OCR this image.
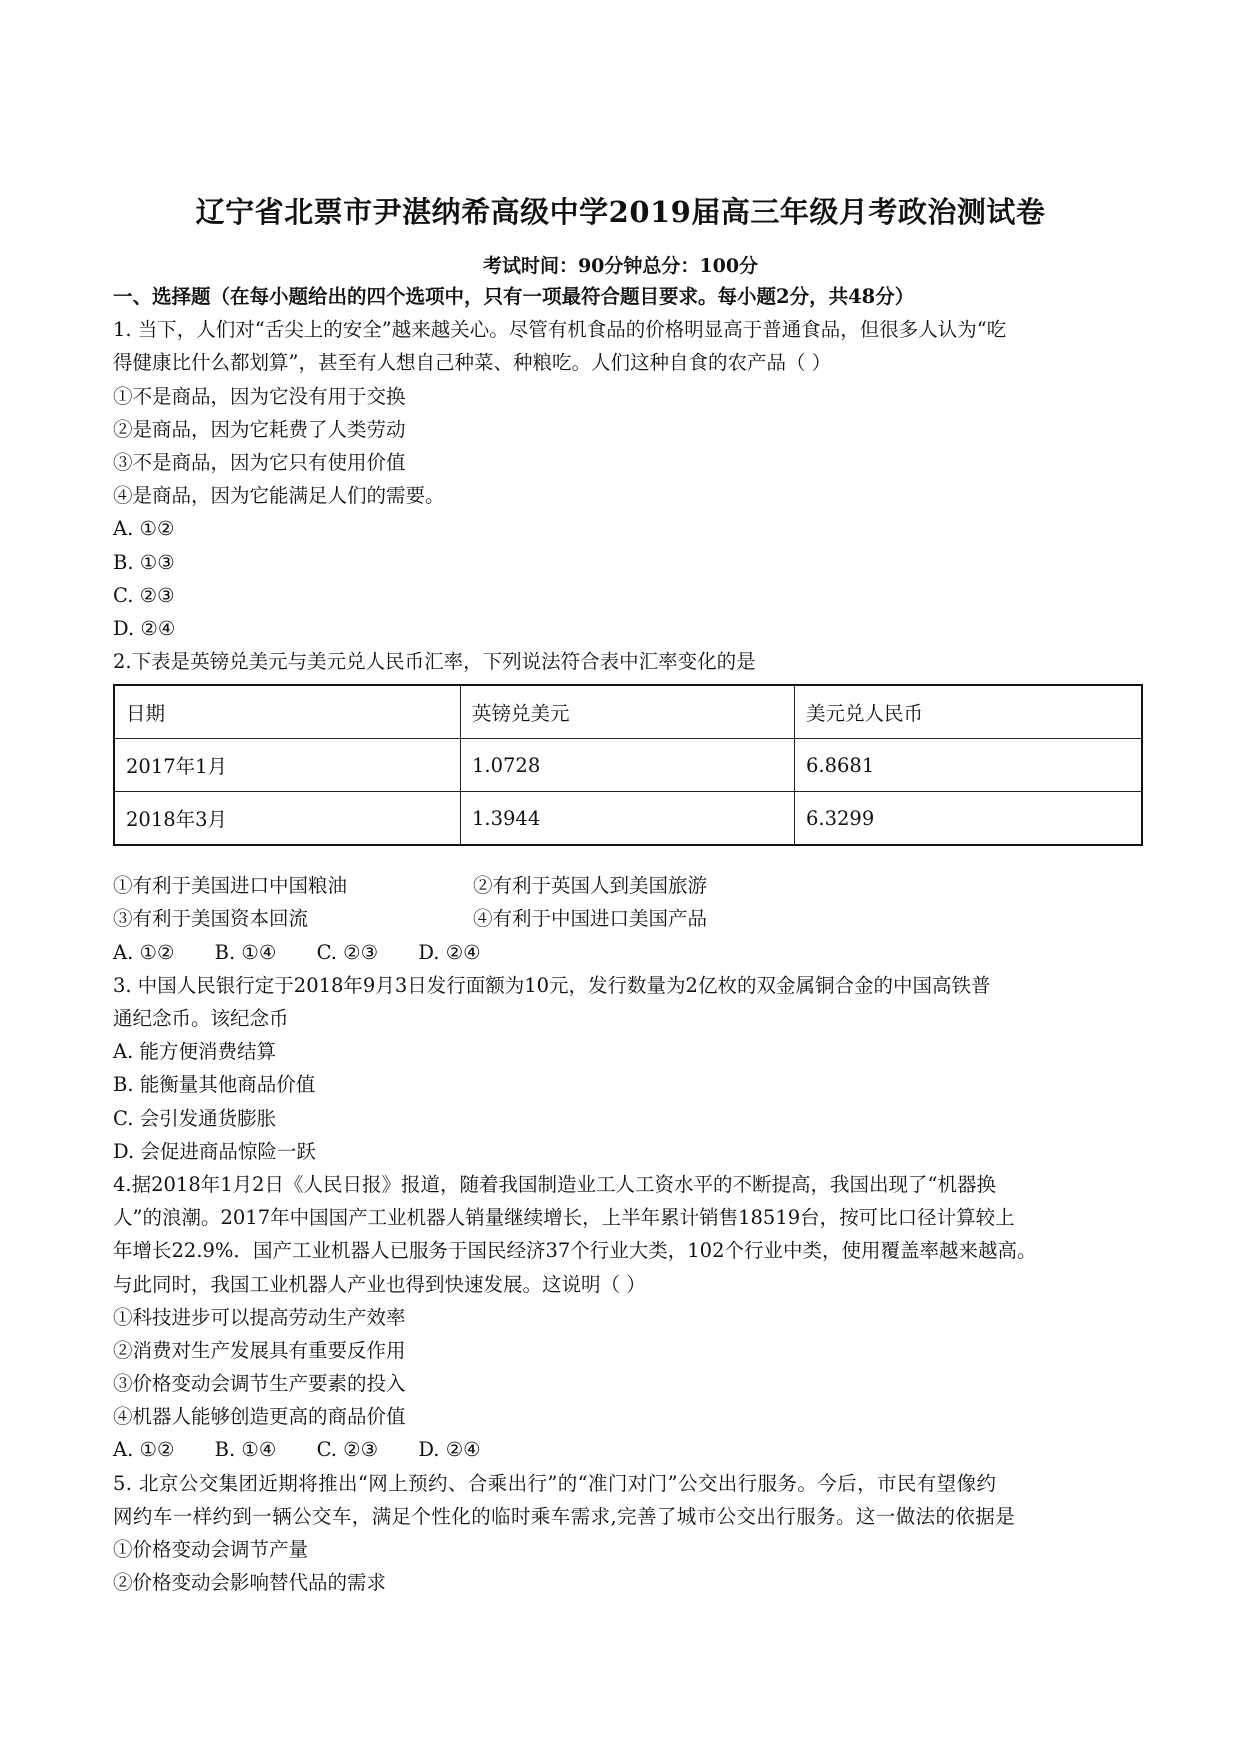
辽宁省北票市尹湛纳希高级中学2019届高三年级月考政治测试卷
考试时间：90分钟总分：100分
一、选择题（在每小题给出的四个选项中，只有一项最符合题目要求。每小题2分，共48分）
1. 当下，人们对“舌尖上的安全”越来越关心。尽管有机食品的价格明显高于普通食品，但很多人认为“吃
得健康比什么都划算”，甚至有人想自己种菜、种粮吃。人们这种自食的农产品（ ）
①不是商品，因为它没有用于交换
②是商品，因为它耗费了人类劳动
③不是商品，因为它只有使用价值
④是商品，因为它能满足人们的需要。
A. ①②
B. ①③
C. ②③
D. ②④
2.下表是英镑兑美元与美元兑人民币汇率，下列说法符合表中汇率变化的是
日期	英镑兑美元	美元兑人民币
2017年1月	1.0728	6.8681
2018年3月	1.3944	6.3299
①有利于美国进口中国粮油	②有利于英国人到美国旅游
③有利于美国资本回流	④有利于中国进口美国产品
A. ①② B. ①④ C. ②③ D. ②④
3. 中国人民银行定于2018年9月3日发行面额为10元，发行数量为2亿枚的双金属铜合金的中国高铁普
通纪念币。该纪念币
A. 能方便消费结算
B. 能衡量其他商品价值
C. 会引发通货膨胀
D. 会促进商品惊险一跃
4.据2018年1月2日《人民日报》报道，随着我国制造业工人工资水平的不断提高，我国出现了“机器换
人”的浪潮。2017年中国国产工业机器人销量继续增长，上半年累计销售18519台，按可比口径计算较上
年增长22.9%．国产工业机器人已服务于国民经济37个行业大类，102个行业中类，使用覆盖率越来越高。
与此同时，我国工业机器人产业也得到快速发展。这说明（ ）
①科技进步可以提高劳动生产效率
②消费对生产发展具有重要反作用
③价格变动会调节生产要素的投入
④机器人能够创造更高的商品价值
A. ①② B. ①④ C. ②③ D. ②④
5. 北京公交集团近期将推出“网上预约、合乘出行”的“准门对门”公交出行服务。今后，市民有望像约
网约车一样约到一辆公交车，满足个性化的临时乘车需求,完善了城市公交出行服务。这一做法的依据是
①价格变动会调节产量
②价格变动会影响替代品的需求
